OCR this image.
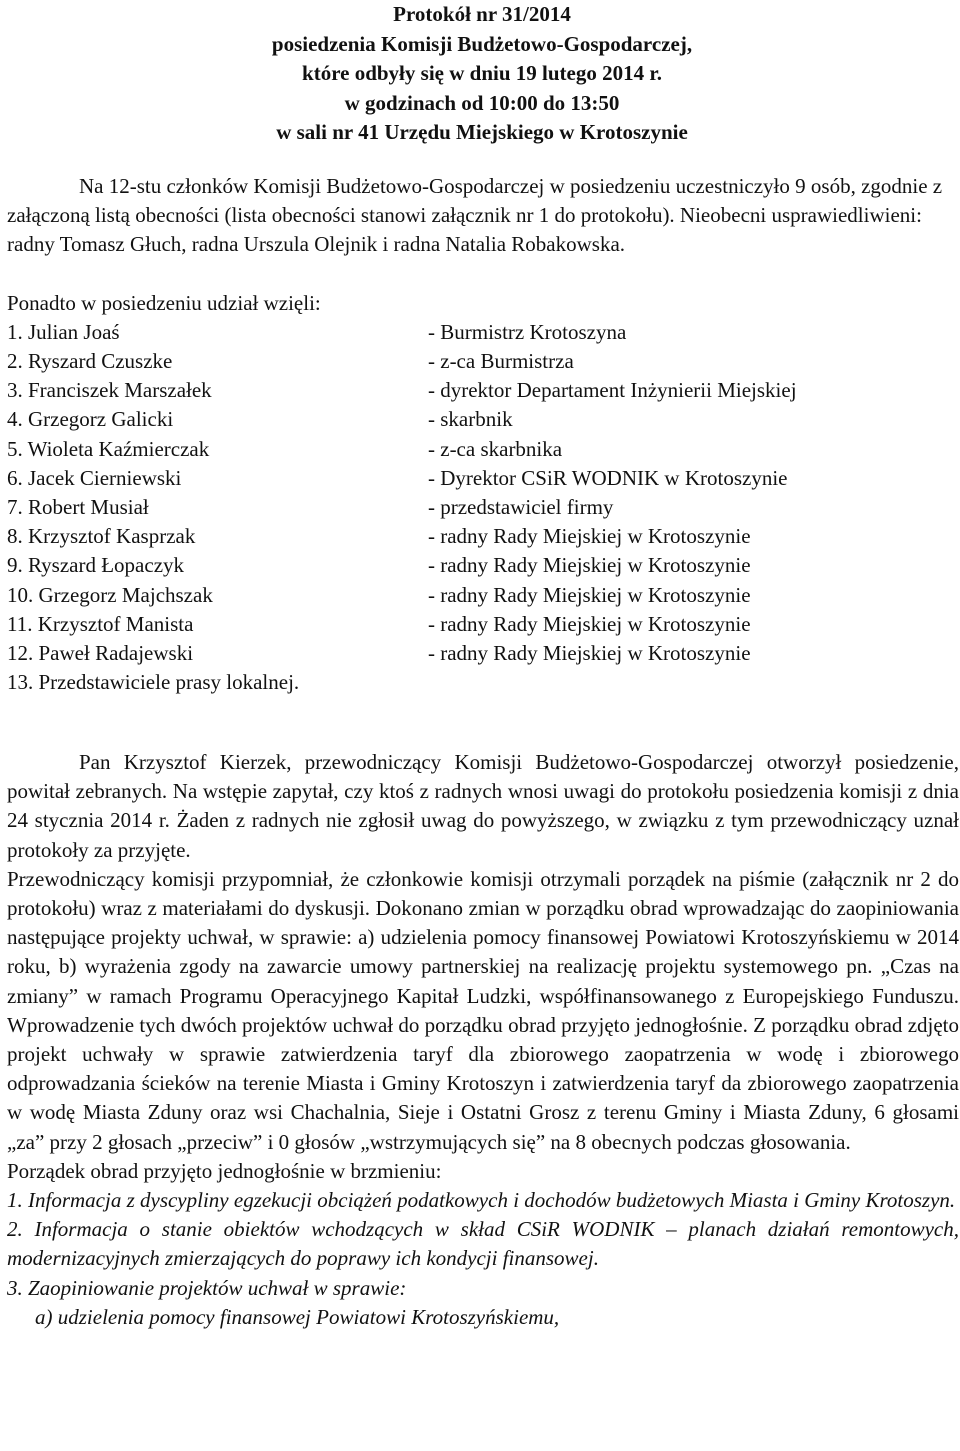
Protokół nr 31/2014
posiedzenia Komisji Budżetowo-Gospodarczej,
które odbyły się w dniu 19 lutego 2014 r.
w godzinach od 10:00 do 13:50
w sali nr 41 Urzędu Miejskiego w Krotoszynie

Na 12-stu członków Komisji Budżetowo-Gospodarczej w posiedzeniu uczestniczyło 9 osób, zgodnie z załączoną listą obecności (lista obecności stanowi załącznik nr 1 do protokołu). Nieobecni usprawiedliwieni: radny Tomasz Głuch, radna Urszula Olejnik i radna Natalia Robakowska.

Ponadto w posiedzeniu udział wzięli:

1. Julian Joaś	- Burmistrz Krotoszyna
2. Ryszard Czuszke	- z-ca Burmistrza
3. Franciszek Marszałek	- dyrektor Departament Inżynierii Miejskiej
4. Grzegorz Galicki	- skarbnik
5. Wioleta Kaźmierczak	- z-ca skarbnika
6. Jacek Cierniewski	- Dyrektor CSiR WODNIK w Krotoszynie
7. Robert Musiał	- przedstawiciel firmy
8. Krzysztof Kasprzak	- radny Rady Miejskiej w Krotoszynie
9. Ryszard Łopaczyk	- radny Rady Miejskiej w Krotoszynie
10. Grzegorz Majchszak	- radny Rady Miejskiej w Krotoszynie
11. Krzysztof Manista	- radny Rady Miejskiej w Krotoszynie
12. Paweł Radajewski	- radny Rady Miejskiej w Krotoszynie
13. Przedstawiciele prasy lokalnej.

Pan Krzysztof Kierzek, przewodniczący Komisji Budżetowo-Gospodarczej otworzył posiedzenie, powitał zebranych. Na wstępie zapytał, czy ktoś z radnych wnosi uwagi do protokołu posiedzenia komisji z dnia 24 stycznia 2014 r. Żaden z radnych nie zgłosił uwag do powyższego, w związku z tym przewodniczący uznał protokoły za przyjęte.

Przewodniczący komisji przypomniał, że członkowie komisji otrzymali porządek na piśmie (załącznik nr 2 do protokołu) wraz z materiałami do dyskusji. Dokonano zmian w porządku obrad wprowadzając do zaopiniowania następujące projekty uchwał, w sprawie: a) udzielenia pomocy finansowej Powiatowi Krotoszyńskiemu w 2014 roku, b) wyrażenia zgody na zawarcie umowy partnerskiej na realizację projektu systemowego pn. „Czas na zmiany” w ramach Programu Operacyjnego Kapitał Ludzki, współfinansowanego z Europejskiego Funduszu. Wprowadzenie tych dwóch projektów uchwał do porządku obrad przyjęto jednogłośnie. Z porządku obrad zdjęto projekt uchwały w sprawie zatwierdzenia taryf dla zbiorowego zaopatrzenia w wodę i zbiorowego odprowadzania ścieków na terenie Miasta i Gminy Krotoszyn i zatwierdzenia taryf da zbiorowego zaopatrzenia w wodę Miasta Zduny oraz wsi Chachalnia, Sieje i Ostatni Grosz z terenu Gminy i Miasta Zduny, 6 głosami „za” przy 2 głosach „przeciw” i 0 głosów „wstrzymujących się” na 8 obecnych podczas głosowania.

Porządek obrad przyjęto jednogłośnie w brzmieniu:

1. Informacja z dyscypliny egzekucji obciążeń podatkowych i dochodów budżetowych Miasta i Gminy Krotoszyn.

2. Informacja o stanie obiektów wchodzących w skład CSiR WODNIK – planach działań remontowych, modernizacyjnych zmierzających do poprawy ich kondycji finansowej.

3. Zaopiniowanie projektów uchwał w sprawie:

a) udzielenia pomocy finansowej Powiatowi Krotoszyńskiemu,
